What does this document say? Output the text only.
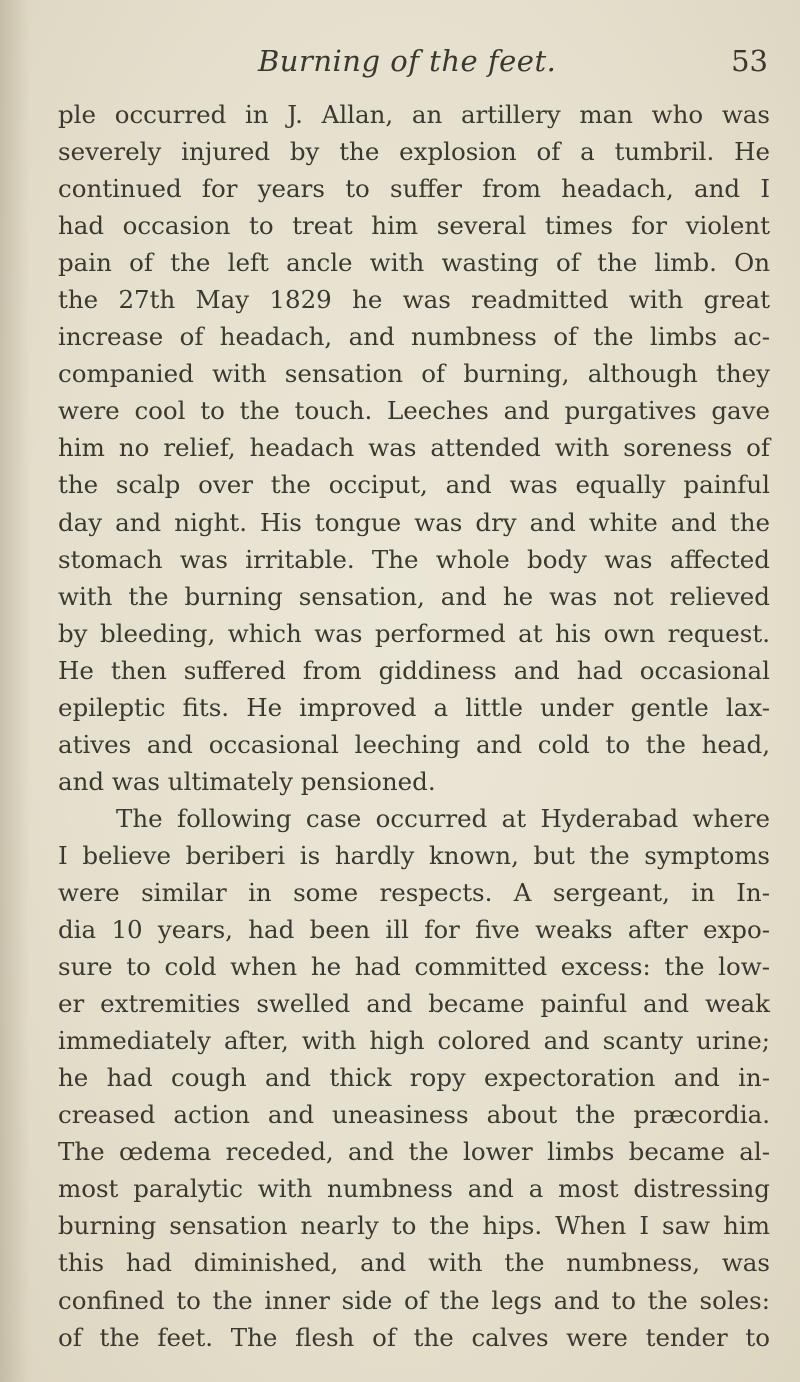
Burning of the feet.	53
ple occurred in J. Allan, an artillery man who was
severely injured by the explosion of a tumbril. He
continued for years to suffer from headach, and I
had occasion to treat him several times for violent
pain of the left ancle with wasting of the limb. On
the 27th May 1829 he was readmitted with great
increase of headach, and numbness of the limbs ac-
companied with sensation of burning, although they
were cool to the touch. Leeches and purgatives gave
him no relief, headach was attended with soreness of
the scalp over the occiput, and was equally painful
day and night. His tongue was dry and white and the
stomach was irritable. The whole body was affected
with the burning sensation, and he was not relieved
by bleeding, which was performed at his own request.
He then suffered from giddiness and had occasional
epileptic fits. He improved a little under gentle lax-
atives and occasional leeching and cold to the head,
and was ultimately pensioned.
The following case occurred at Hyderabad where
I believe beriberi is hardly known, but the symptoms
were similar in some respects. A sergeant, in In-
dia 10 years, had been ill for five weaks after expo-
sure to cold when he had committed excess: the low-
er extremities swelled and became painful and weak
immediately after, with high colored and scanty urine;
he had cough and thick ropy expectoration and in-
creased action and uneasiness about the præcordia.
The œdema receded, and the lower limbs became al-
most paralytic with numbness and a most distressing
burning sensation nearly to the hips. When I saw him
this had diminished, and with the numbness, was
confined to the inner side of the legs and to the soles:
of the feet. The flesh of the calves were tender to
